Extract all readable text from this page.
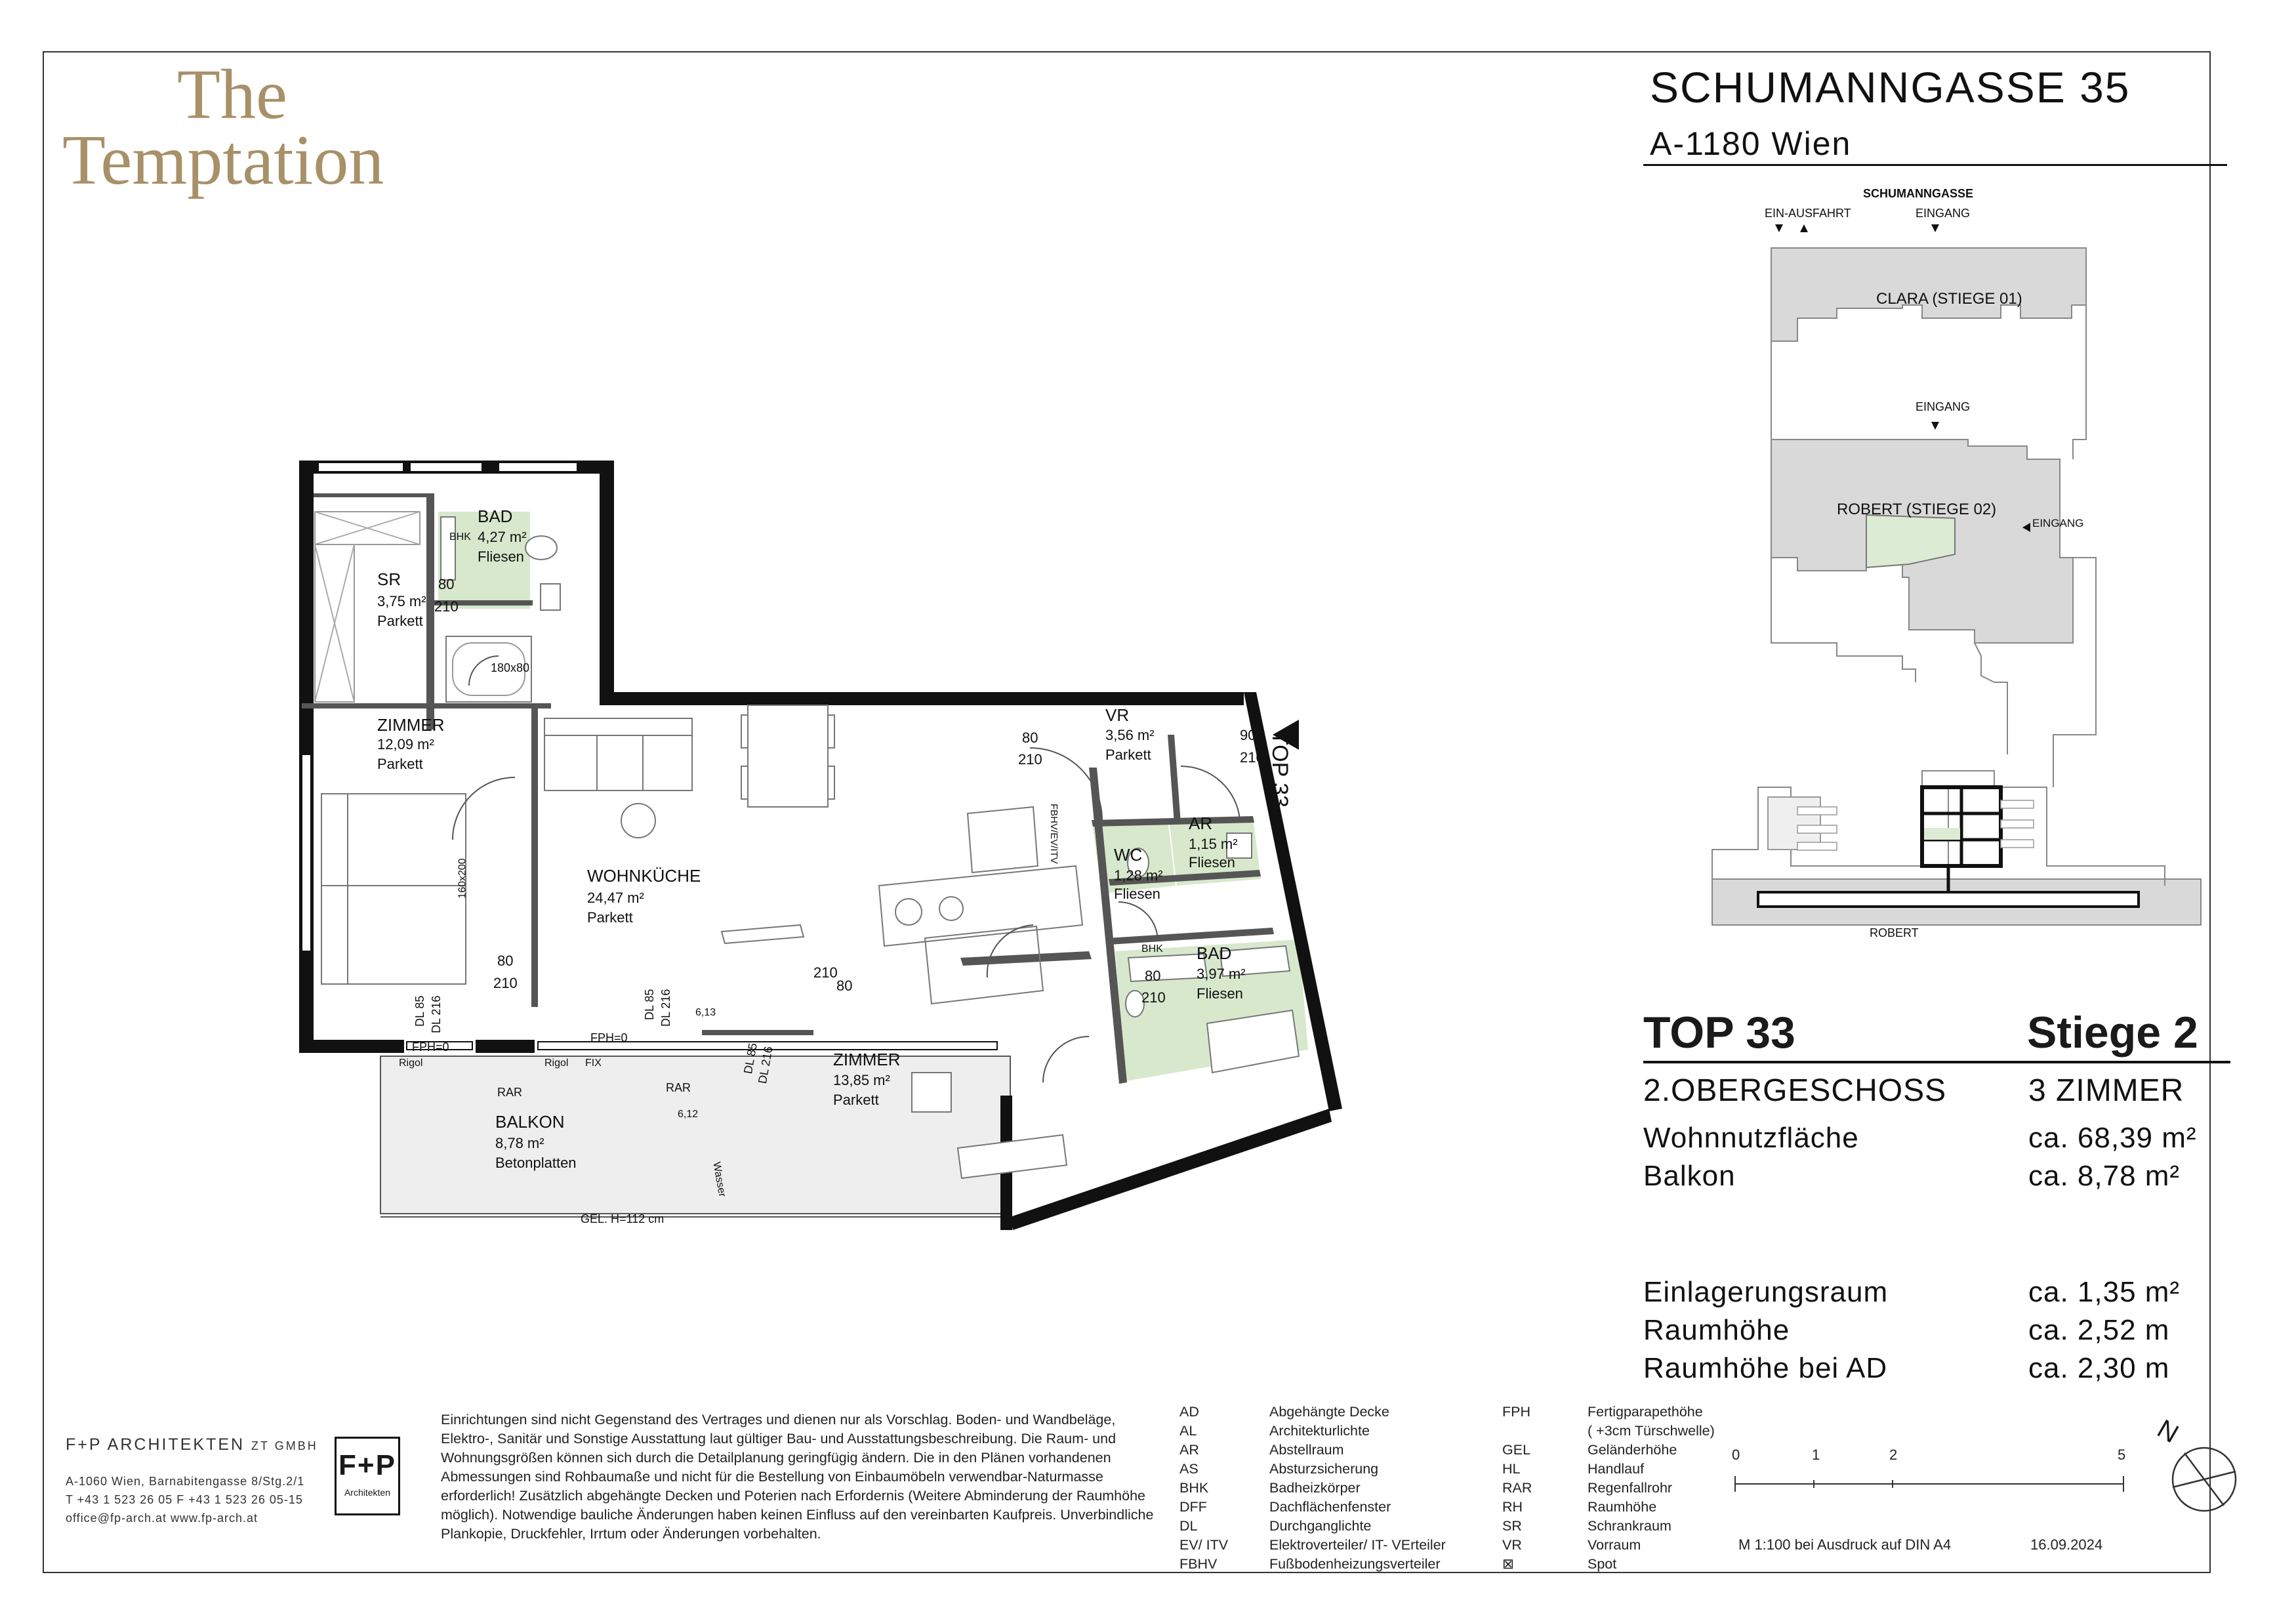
The
Temptation
SCHUMANNGASSE 35
A-1180 Wien
SCHUMANNGASSE
EIN-AUSFAHRT	EINGANG
CLARA (STIEGE 01)
EINGANG
ROBERT (STIEGE 02)
EINGANG
ROBERT
TOP 33	Stiege 2
2.OBERGESCHOSS	3 ZIMMER
Wohnnutzfläche	ca. 68,39 m²
Balkon	ca. 8,78 m²
Einlagerungsraum	ca. 1,35 m²
Raumhöhe	ca. 2,52 m
Raumhöhe bei AD	ca. 2,30 m
BAD
4,27 m²
Fliesen
BHK
80
210
180x80
SR
3,75 m²
Parkett
ZIMMER
12,09 m²
Parkett
160x200
80
210
WOHNKÜCHE
24,47 m²
Parkett
VR
3,56 m²
Parkett
80
210
90
210 TOP 33
FBHV/EV/ITV	WC
1,28 m²
Fliesen
AR
1,15 m²
Fliesen
BAD
3,97 m²
Fliesen
80
210
BHK
ZIMMER
13,85 m²
Parkett
BALKON
8,78 m²
Betonplatten
FPH=0
FPH=0
Rigol	Rigol FIX
RAR	RAR
6,13
6,12
GEL. H=112 cm
Wasser
DL 85 DL 216	DL 85 DL 216
DL 85
DL 216
80
210
F+P ARCHITEKTEN ZT GMBH
A-1060 Wien, Barnabitengasse 8/Stg.2/1
T +43 1 523 26 05 F +43 1 523 26 05-15
office@fp-arch.at www.fp-arch.at
F+P
Architekten
Einrichtungen sind nicht Gegenstand des Vertrages und dienen nur als Vorschlag. Boden- und Wandbeläge, Elektro-, Sanitär und Sonstige Ausstattung laut gültiger Bau- und Ausstattungsbeschreibung. Die Raum- und Wohnungsgrößen können sich durch die Detailplanung geringfügig ändern. Die in den Plänen vorhandenen Abmessungen sind Rohbaumaße und nicht für die Bestellung von Einbaumöbeln verwendbar-Naturmasse erforderlich! Zusätzlich abgehängte Decken und Poterien nach Erfordernis (Weitere Abminderung der Raumhöhe möglich). Notwendige bauliche Änderungen haben keinen Einfluss auf den vereinbarten Kaufpreis. Unverbindliche Plankopie, Druckfehler, Irrtum oder Änderungen vorbehalten.
AD	Abgehängte Decke
AL	Architekturlichte
AR	Abstellraum
AS	Absturzsicherung
BHK	Badheizkörper
DFF	Dachflächenfenster
DL	Durchganglichte
EV/ ITV	Elektroverteiler/ IT- VErteiler
FBHV	Fußbodenheizungsverteiler
FPH	Fertigparapethöhe
( +3cm Türschwelle)
GEL	Geländerhöhe
HL	Handlauf
RAR	Regenfallrohr
RH	Raumhöhe
SR	Schrankraum
VR	Vorraum
⊠	Spot
0	1	2	5
M 1:100 bei Ausdruck auf DIN A4	16.09.2024
N
